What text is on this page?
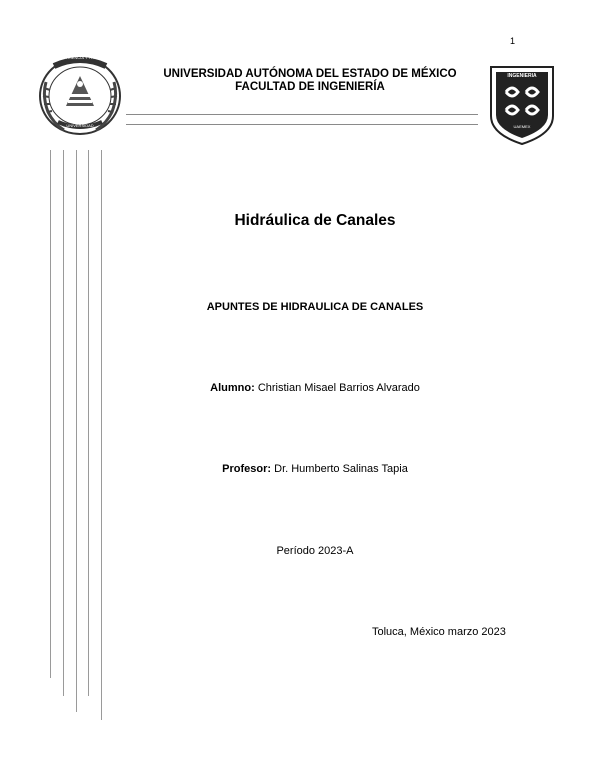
1
PATRIA CIENCIA Y TRABAJO
UNIVERSIDAD
UNIVERSIDAD AUTÓNOMA DEL ESTADO DE MÉXICO
FACULTAD DE INGENIERÍA
INGENIERÍA
UAEMEX
Hidráulica de Canales
APUNTES DE HIDRAULICA DE CANALES
Alumno: Christian Misael Barrios Alvarado
Profesor: Dr. Humberto Salinas Tapia
Período 2023-A
Toluca, México marzo 2023
